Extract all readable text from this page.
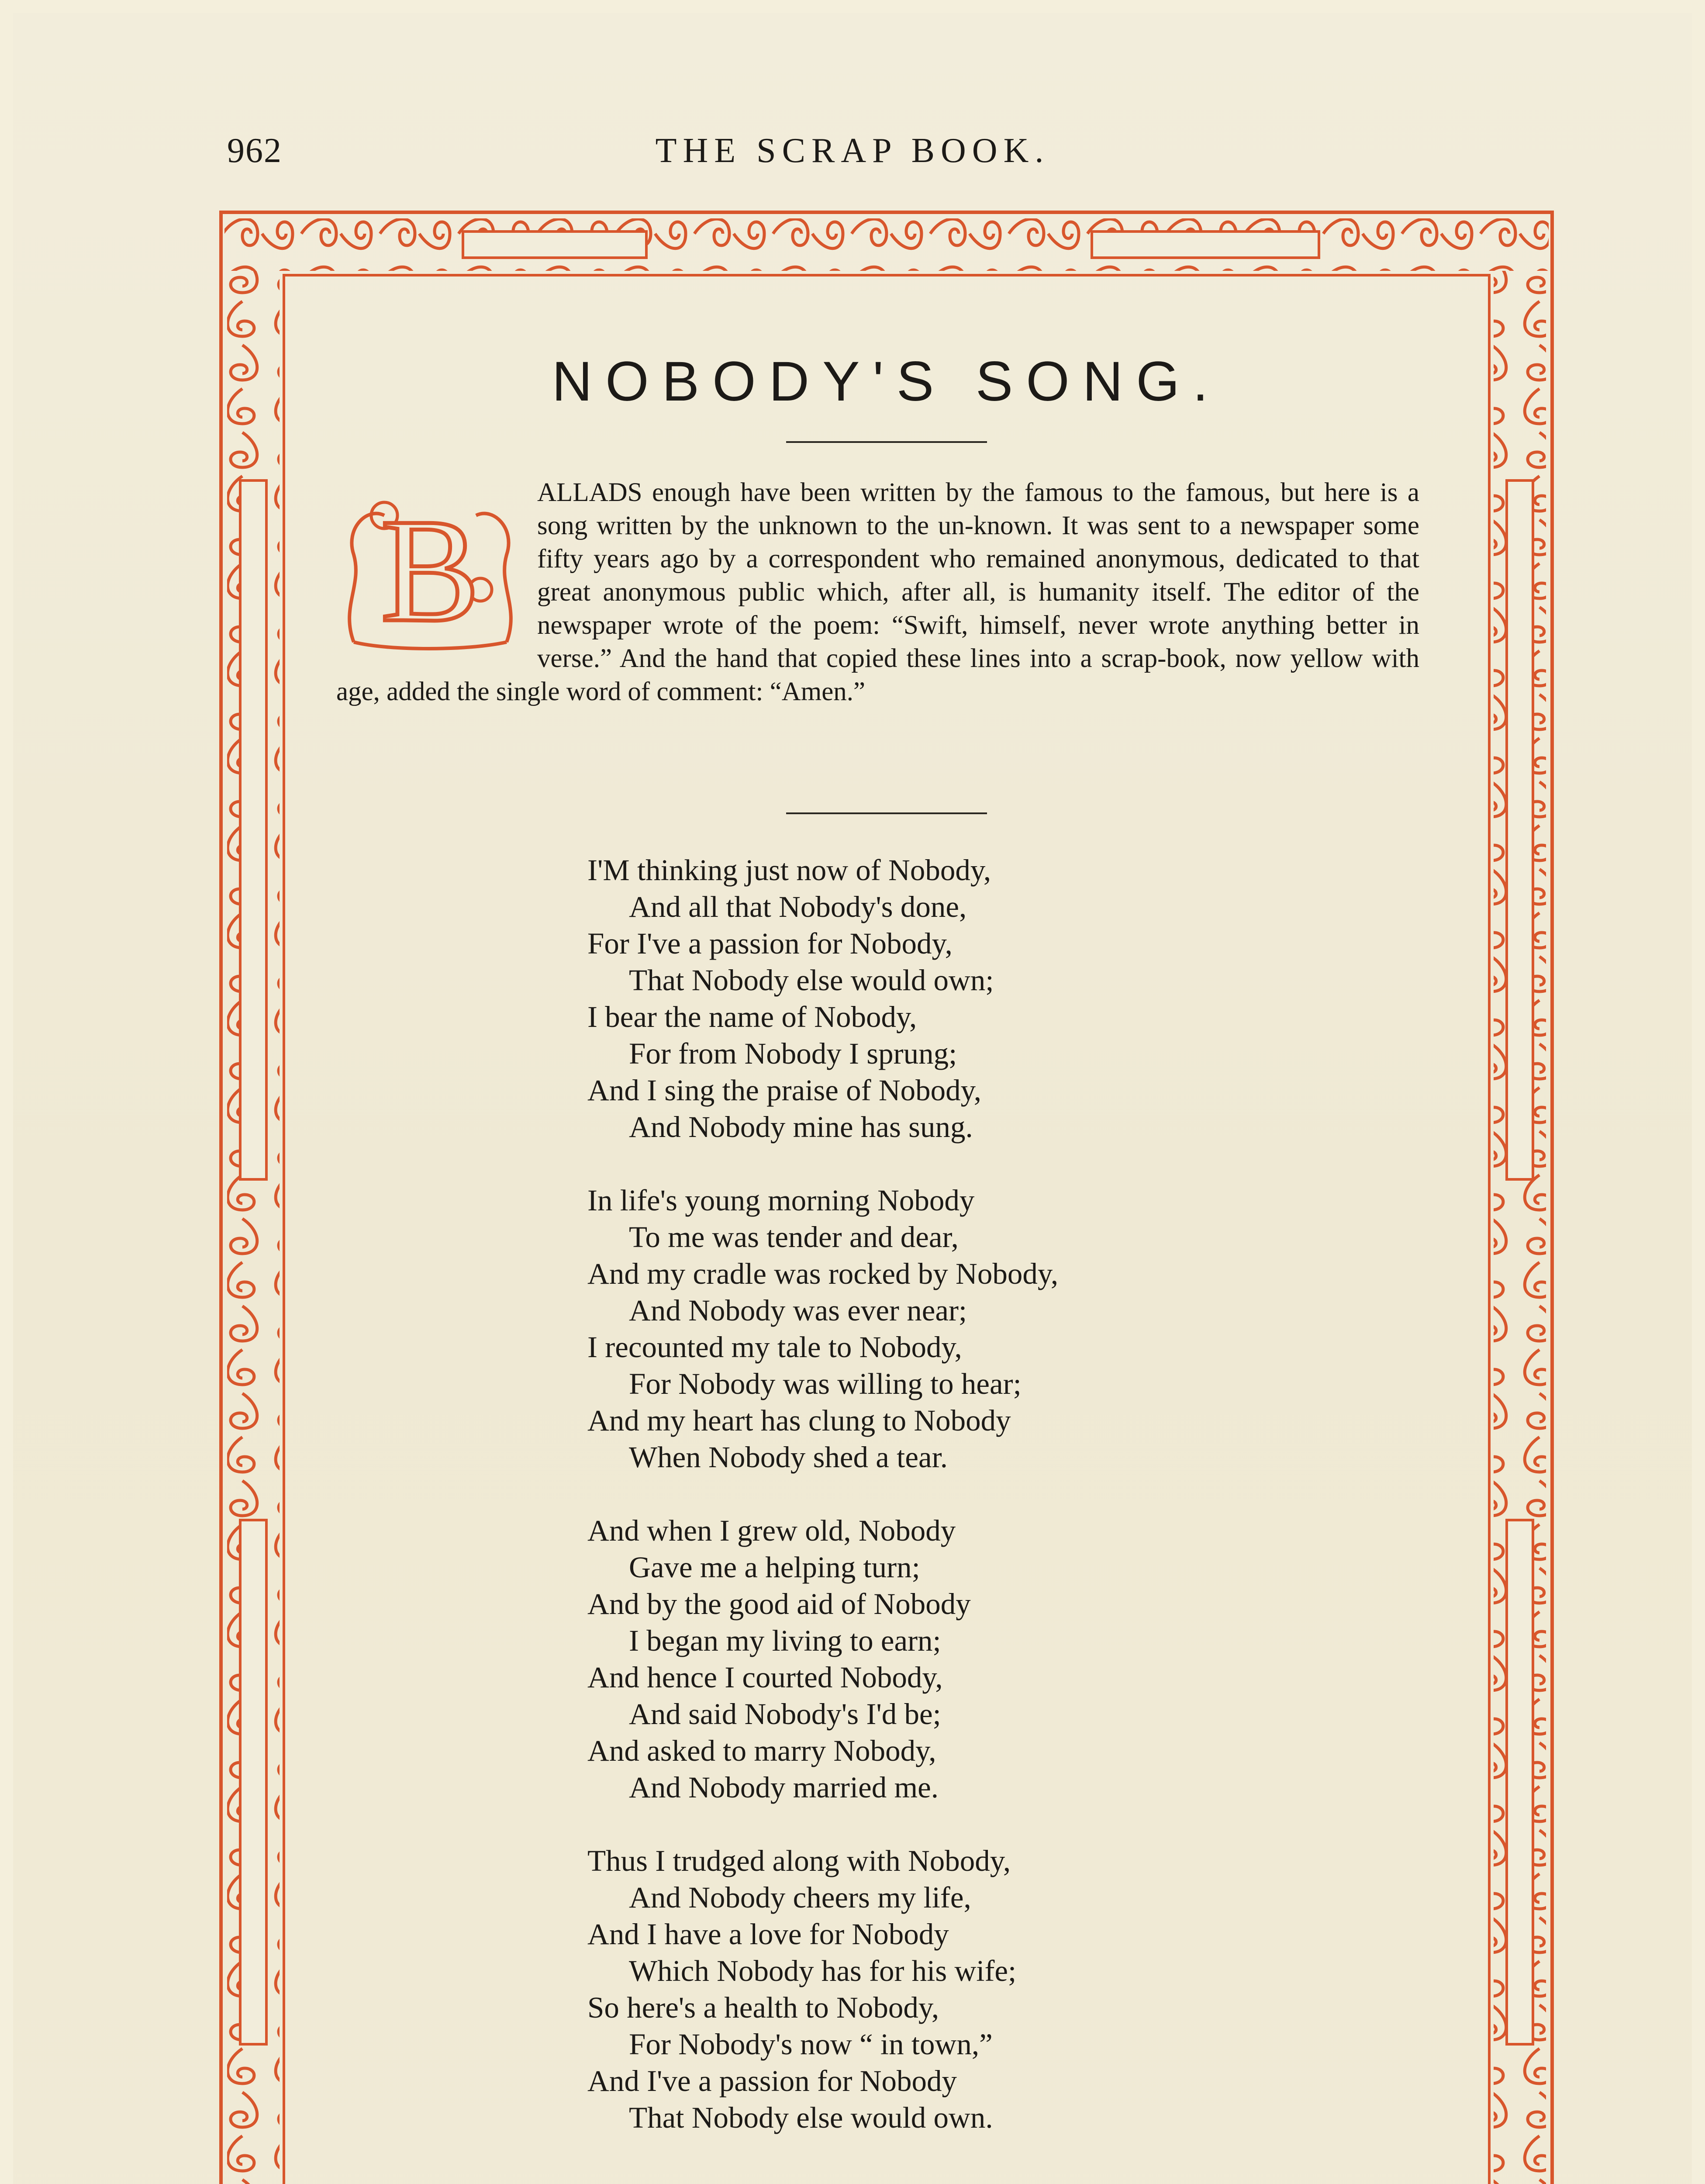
962	THE SCRAP BOOK.
NOBODY'S SONG.
B ALLADS enough have been written by the famous to the famous, but here is a song written by the unknown to the un-known. It was sent to a newspaper some fifty years ago by a correspondent who remained anonymous, dedicated to that great anonymous public which, after all, is humanity itself. The editor of the newspaper wrote of the poem: “Swift, himself, never wrote anything better in verse.” And the hand that copied these lines into a scrap-book, now yellow with age, added the single word of comment: “Amen.”
I'M thinking just now of Nobody,
And all that Nobody's done,
For I've a passion for Nobody,
That Nobody else would own;
I bear the name of Nobody,
For from Nobody I sprung;
And I sing the praise of Nobody,
And Nobody mine has sung.
In life's young morning Nobody
To me was tender and dear,
And my cradle was rocked by Nobody,
And Nobody was ever near;
I recounted my tale to Nobody,
For Nobody was willing to hear;
And my heart has clung to Nobody
When Nobody shed a tear.
And when I grew old, Nobody
Gave me a helping turn;
And by the good aid of Nobody
I began my living to earn;
And hence I courted Nobody,
And said Nobody's I'd be;
And asked to marry Nobody,
And Nobody married me.
Thus I trudged along with Nobody,
And Nobody cheers my life,
And I have a love for Nobody
Which Nobody has for his wife;
So here's a health to Nobody,
For Nobody's now “ in town,”
And I've a passion for Nobody
That Nobody else would own.
